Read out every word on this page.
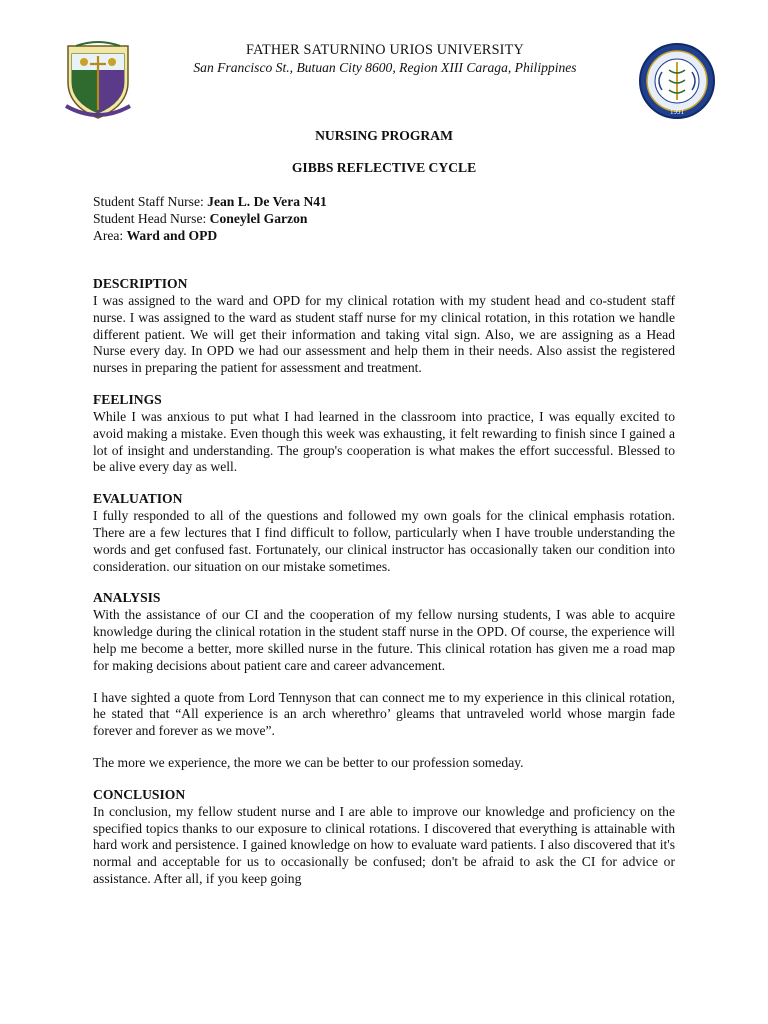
FATHER SATURNINO URIOS UNIVERSITY
San Francisco St., Butuan City 8600, Region XIII Caraga, Philippines
1991
NURSING PROGRAM
GIBBS REFLECTIVE CYCLE
Student Staff Nurse: Jean L. De Vera N41
Student Head Nurse: Coneylel Garzon
Area: Ward and OPD
DESCRIPTION

I was assigned to the ward and OPD for my clinical rotation with my student head and co-student staff nurse. I was assigned to the ward as student staff nurse for my clinical rotation, in this rotation we handle different patient. We will get their information and taking vital sign. Also, we are assigning as a Head Nurse every day. In OPD we had our assessment and help them in their needs. Also assist the registered nurses in preparing the patient for assessment and treatment.

FEELINGS

While I was anxious to put what I had learned in the classroom into practice, I was equally excited to avoid making a mistake. Even though this week was exhausting, it felt rewarding to finish since I gained a lot of insight and understanding. The group's cooperation is what makes the effort successful. Blessed to be alive every day as well.

EVALUATION

I fully responded to all of the questions and followed my own goals for the clinical emphasis rotation. There are a few lectures that I find difficult to follow, particularly when I have trouble understanding the words and get confused fast. Fortunately, our clinical instructor has occasionally taken our condition into consideration. our situation on our mistake sometimes.

ANALYSIS

With the assistance of our CI and the cooperation of my fellow nursing students, I was able to acquire knowledge during the clinical rotation in the student staff nurse in the OPD. Of course, the experience will help me become a better, more skilled nurse in the future. This clinical rotation has given me a road map for making decisions about patient care and career advancement.

I have sighted a quote from Lord Tennyson that can connect me to my experience in this clinical rotation, he stated that “All experience is an arch wherethro’ gleams that untraveled world whose margin fade forever and forever as we move”.

The more we experience, the more we can be better to our profession someday.

CONCLUSION

In conclusion, my fellow student nurse and I are able to improve our knowledge and proficiency on the specified topics thanks to our exposure to clinical rotations. I discovered that everything is attainable with hard work and persistence. I gained knowledge on how to evaluate ward patients. I also discovered that it's normal and acceptable for us to occasionally be confused; don't be afraid to ask the CI for advice or assistance. After all, if you keep going
